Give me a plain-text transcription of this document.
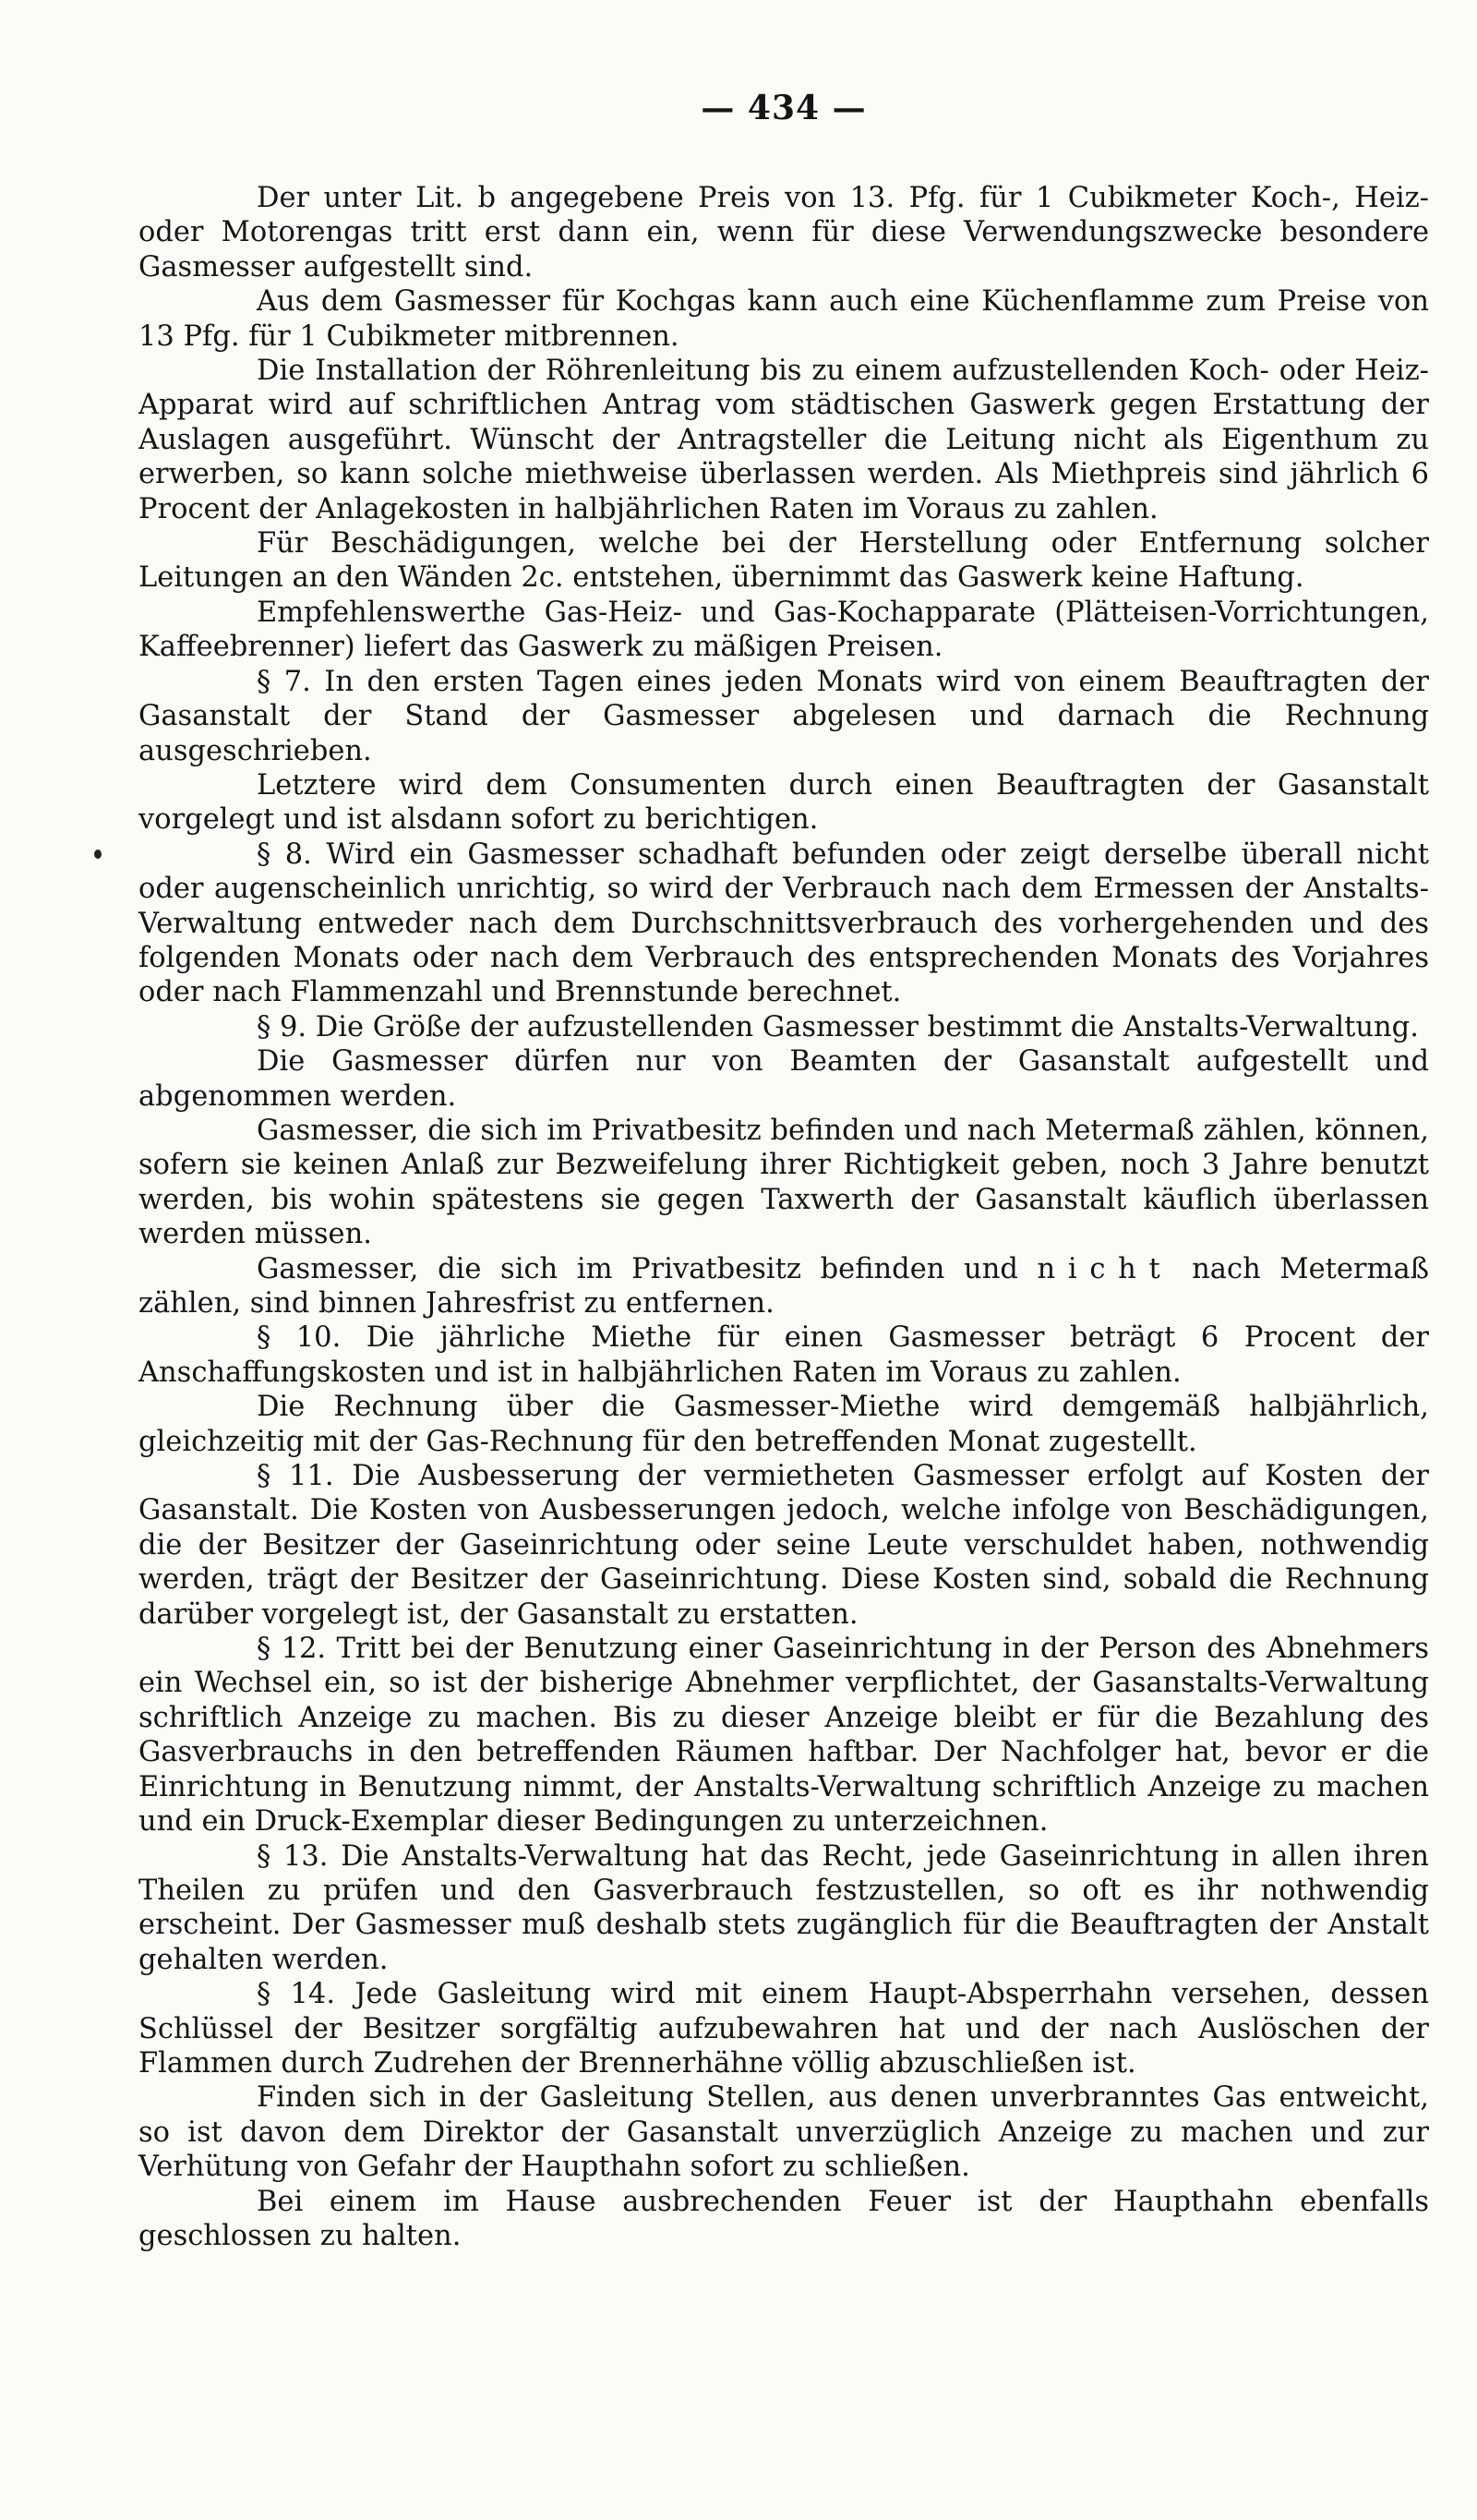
— 434 —

Der unter Lit. b angegebene Preis von 13. Pfg. für 1 Cubikmeter Koch-, Heiz- oder Motorengas tritt erst dann ein, wenn für diese Verwendungszwecke besondere Gasmesser aufgestellt sind.

Aus dem Gasmesser für Kochgas kann auch eine Küchenflamme zum Preise von 13 Pfg. für 1 Cubikmeter mitbrennen.

Die Installation der Röhrenleitung bis zu einem aufzustellenden Koch- oder Heiz-Apparat wird auf schriftlichen Antrag vom städtischen Gaswerk gegen Erstattung der Auslagen ausgeführt. Wünscht der Antragsteller die Leitung nicht als Eigenthum zu erwerben, so kann solche miethweise überlassen werden. Als Miethpreis sind jährlich 6 Procent der Anlagekosten in halbjährlichen Raten im Voraus zu zahlen.

Für Beschädigungen, welche bei der Herstellung oder Entfernung solcher Leitungen an den Wänden 2c. entstehen, übernimmt das Gaswerk keine Haftung.

Empfehlenswerthe Gas-Heiz- und Gas-Kochapparate (Plätteisen-Vorrichtungen, Kaffeebrenner) liefert das Gaswerk zu mäßigen Preisen.

§ 7. In den ersten Tagen eines jeden Monats wird von einem Beauftragten der Gasanstalt der Stand der Gasmesser abgelesen und darnach die Rechnung ausgeschrieben.

Letztere wird dem Consumenten durch einen Beauftragten der Gasanstalt vorgelegt und ist alsdann sofort zu berichtigen.

§ 8. Wird ein Gasmesser schadhaft befunden oder zeigt derselbe überall nicht oder augenscheinlich unrichtig, so wird der Verbrauch nach dem Ermessen der Anstalts-Verwaltung entweder nach dem Durchschnittsverbrauch des vorhergehenden und des folgenden Monats oder nach dem Verbrauch des entsprechenden Monats des Vorjahres oder nach Flammenzahl und Brennstunde berechnet.

§ 9. Die Größe der aufzustellenden Gasmesser bestimmt die Anstalts-Verwaltung.

Die Gasmesser dürfen nur von Beamten der Gasanstalt aufgestellt und abgenommen werden.

Gasmesser, die sich im Privatbesitz befinden und nach Metermaß zählen, können, sofern sie keinen Anlaß zur Bezweifelung ihrer Richtigkeit geben, noch 3 Jahre benutzt werden, bis wohin spätestens sie gegen Taxwerth der Gasanstalt käuflich überlassen werden müssen.

Gasmesser, die sich im Privatbesitz befinden und nicht nach Metermaß zählen, sind binnen Jahresfrist zu entfernen.

§ 10. Die jährliche Miethe für einen Gasmesser beträgt 6 Procent der Anschaffungskosten und ist in halbjährlichen Raten im Voraus zu zahlen.

Die Rechnung über die Gasmesser-Miethe wird demgemäß halbjährlich, gleichzeitig mit der Gas-Rechnung für den betreffenden Monat zugestellt.

§ 11. Die Ausbesserung der vermietheten Gasmesser erfolgt auf Kosten der Gasanstalt. Die Kosten von Ausbesserungen jedoch, welche infolge von Beschädigungen, die der Besitzer der Gaseinrichtung oder seine Leute verschuldet haben, nothwendig werden, trägt der Besitzer der Gaseinrichtung. Diese Kosten sind, sobald die Rechnung darüber vorgelegt ist, der Gasanstalt zu erstatten.

§ 12. Tritt bei der Benutzung einer Gaseinrichtung in der Person des Abnehmers ein Wechsel ein, so ist der bisherige Abnehmer verpflichtet, der Gasanstalts-Verwaltung schriftlich Anzeige zu machen. Bis zu dieser Anzeige bleibt er für die Bezahlung des Gasverbrauchs in den betreffenden Räumen haftbar. Der Nachfolger hat, bevor er die Einrichtung in Benutzung nimmt, der Anstalts-Verwaltung schriftlich Anzeige zu machen und ein Druck-Exemplar dieser Bedingungen zu unterzeichnen.

§ 13. Die Anstalts-Verwaltung hat das Recht, jede Gaseinrichtung in allen ihren Theilen zu prüfen und den Gasverbrauch festzustellen, so oft es ihr nothwendig erscheint. Der Gasmesser muß deshalb stets zugänglich für die Beauftragten der Anstalt gehalten werden.

§ 14. Jede Gasleitung wird mit einem Haupt-Absperrhahn versehen, dessen Schlüssel der Besitzer sorgfältig aufzubewahren hat und der nach Auslöschen der Flammen durch Zudrehen der Brennerhähne völlig abzuschließen ist.

Finden sich in der Gasleitung Stellen, aus denen unverbranntes Gas entweicht, so ist davon dem Direktor der Gasanstalt unverzüglich Anzeige zu machen und zur Verhütung von Gefahr der Haupthahn sofort zu schließen.

Bei einem im Hause ausbrechenden Feuer ist der Haupthahn ebenfalls geschlossen zu halten.
